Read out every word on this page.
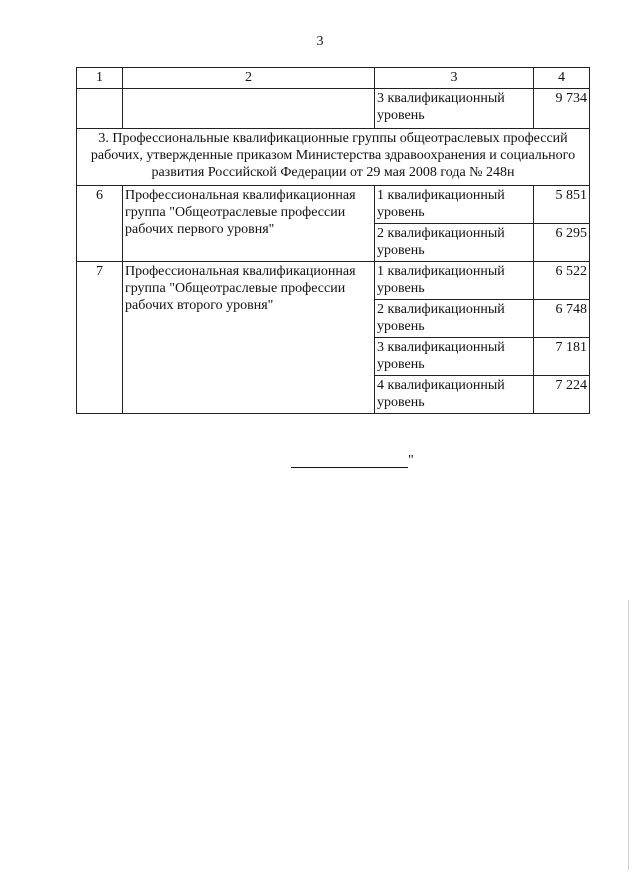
3
1	2	3	4
		3 квалификационный уровень	9 734
3. Профессиональные квалификационные группы общеотраслевых профессий рабочих, утвержденные приказом Министерства здравоохранения и социального развития Российской Федерации от 29 мая 2008 года № 248н			
6	Профессиональная квалификационная группа "Общеотраслевые профессии рабочих первого уровня"	1 квалификационный уровень	5 851
		2 квалификационный уровень	6 295
7	Профессиональная квалификационная группа "Общеотраслевые профессии рабочих второго уровня"	1 квалификационный уровень	6 522
		2 квалификационный уровень	6 748
		3 квалификационный уровень	7 181
		4 квалификационный уровень	7 224
"
